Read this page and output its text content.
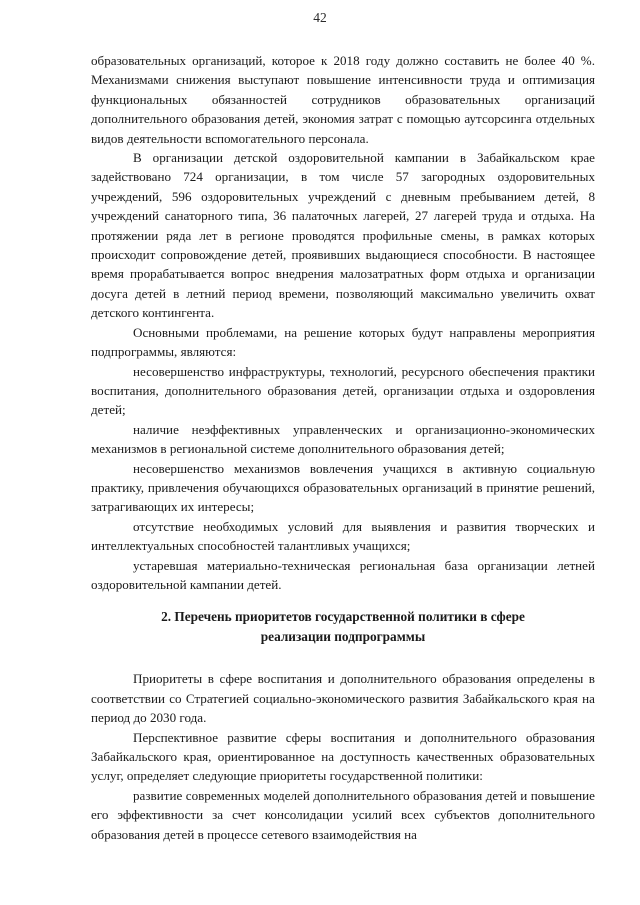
42

образовательных организаций, которое к 2018 году должно составить не более 40 %. Механизмами снижения выступают повышение интенсивности труда и оптимизация функциональных обязанностей сотрудников образовательных организаций дополнительного образования детей, экономия затрат с помощью аутсорсинга отдельных видов деятельности вспомогательного персонала.

В организации детской оздоровительной кампании в Забайкальском крае задействовано 724 организации, в том числе 57 загородных оздоровительных учреждений, 596 оздоровительных учреждений с дневным пребыванием детей, 8 учреждений санаторного типа, 36 палаточных лагерей, 27 лагерей труда и отдыха. На протяжении ряда лет в регионе проводятся профильные смены, в рамках которых происходит сопровождение детей, проявивших выдающиеся способности. В настоящее время прорабатывается вопрос внедрения малозатратных форм отдыха и организации досуга детей в летний период времени, позволяющий максимально увеличить охват детского контингента.

Основными проблемами, на решение которых будут направлены мероприятия подпрограммы, являются:

несовершенство инфраструктуры, технологий, ресурсного обеспечения практики воспитания, дополнительного образования детей, организации отдыха и оздоровления детей;

наличие неэффективных управленческих и организационно-экономических механизмов в региональной системе дополнительного образования детей;

несовершенство механизмов вовлечения учащихся в активную социальную практику, привлечения обучающихся образовательных организаций в принятие решений, затрагивающих их интересы;

отсутствие необходимых условий для выявления и развития творческих и интеллектуальных способностей талантливых учащихся;

устаревшая материально-техническая региональная база организации летней оздоровительной кампании детей.

2. Перечень приоритетов государственной политики в сфере реализации подпрограммы

Приоритеты в сфере воспитания и дополнительного образования определены в соответствии со Стратегией социально-экономического развития Забайкальского края на период до 2030 года.

Перспективное развитие сферы воспитания и дополнительного образования Забайкальского края, ориентированное на доступность качественных образовательных услуг, определяет следующие приоритеты государственной политики:

развитие современных моделей дополнительного образования детей и повышение его эффективности за счет консолидации усилий всех субъектов дополнительного образования детей в процессе сетевого взаимодействия на
